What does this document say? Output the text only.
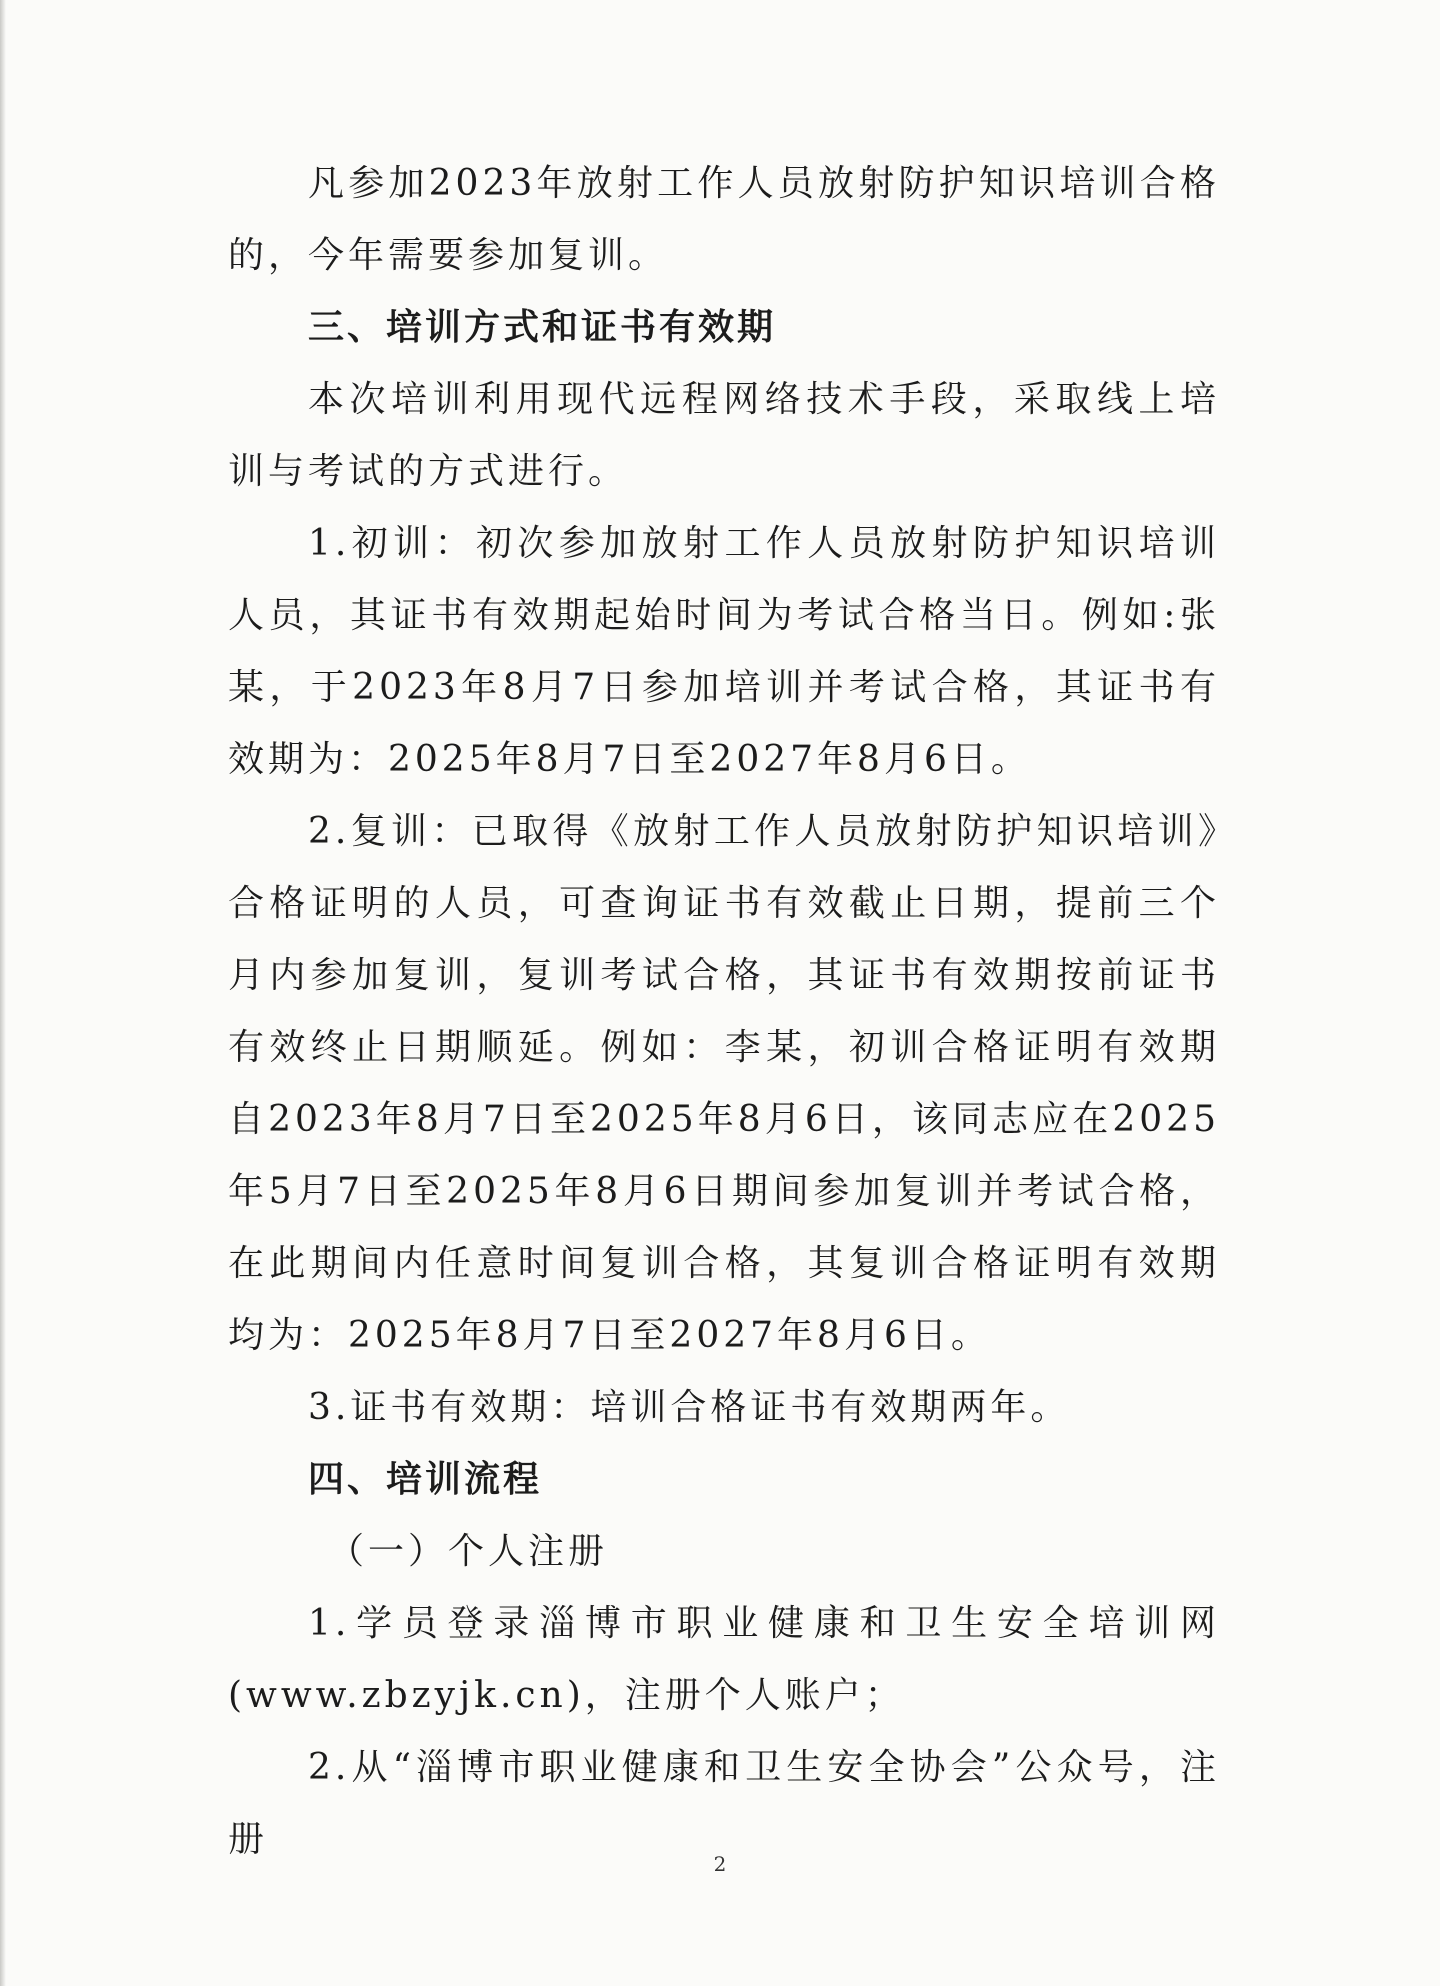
凡参加2023年放射工作人员放射防护知识培训合格的，今年需要参加复训。

三、培训方式和证书有效期

本次培训利用现代远程网络技术手段，采取线上培训与考试的方式进行。

1.初训：初次参加放射工作人员放射防护知识培训人员，其证书有效期起始时间为考试合格当日。例如:张某，于2023年8月7日参加培训并考试合格，其证书有效期为：2025年8月7日至2027年8月6日。

2.复训：已取得《放射工作人员放射防护知识培训》合格证明的人员，可查询证书有效截止日期，提前三个月内参加复训，复训考试合格，其证书有效期按前证书有效终止日期顺延。例如：李某，初训合格证明有效期自2023年8月7日至2025年8月6日，该同志应在2025年5月7日至2025年8月6日期间参加复训并考试合格，在此期间内任意时间复训合格，其复训合格证明有效期均为：2025年8月7日至2027年8月6日。

3.证书有效期：培训合格证书有效期两年。

四、培训流程

（一）个人注册

1.学员登录淄博市职业健康和卫生安全培训网(www.zbzyjk.cn)，注册个人账户；

2.从“淄博市职业健康和卫生安全协会”公众号，注册

2
